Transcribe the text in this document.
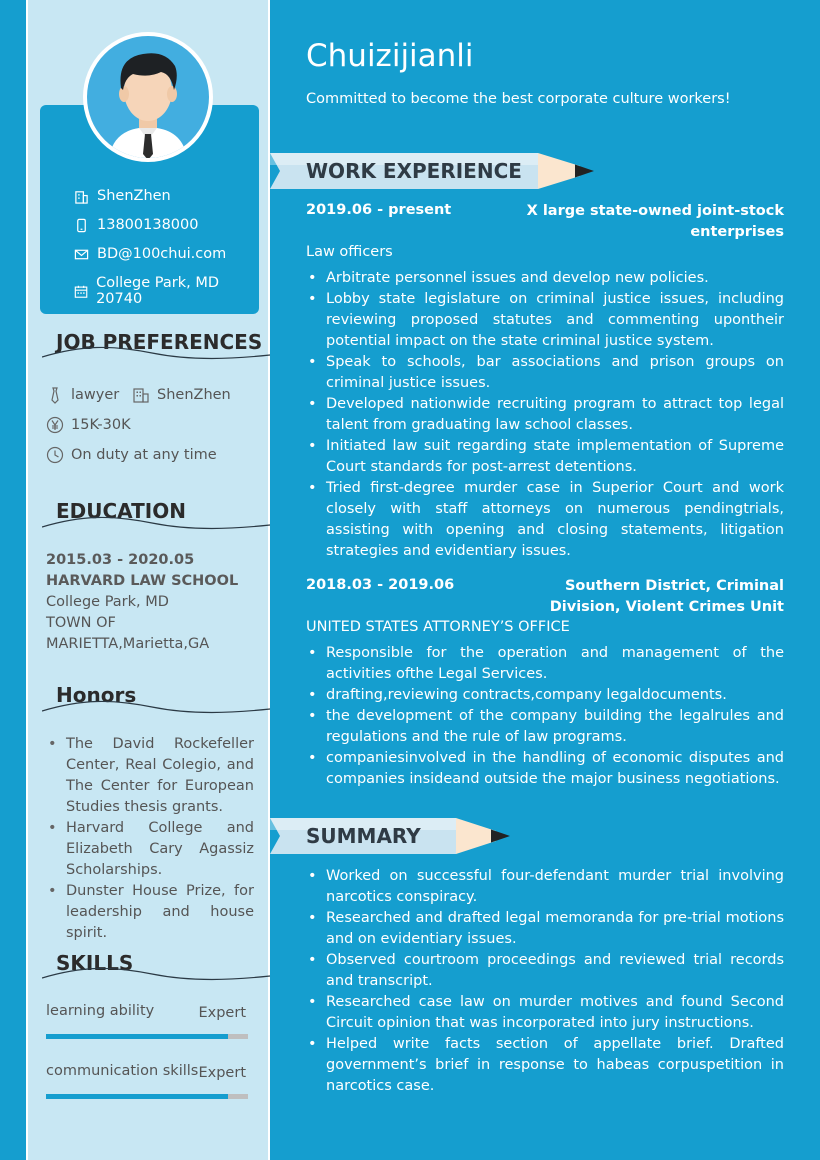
ShenZhen
13800138000
BD@100chui.com
College Park, MD 20740
JOB PREFERENCES
lawyer	ShenZhen
15K-30K
On duty at any time
EDUCATION
2015.03 - 2020.05
HARVARD LAW SCHOOL
College Park, MD
TOWN OF
MARIETTA,Marietta,GA
Honors
• The David Rockefeller Center, Real Colegio, and The Center for European Studies thesis grants.
• Harvard College and Elizabeth Cary Agassiz Scholarships.
• Dunster House Prize, for leadership and house spirit.
SKILLS
learning ability	Expert
communication skills Expert
Chuizijianli
Committed to become the best corporate culture workers!
WORK EXPERIENCE
2019.06 - present	X large state-owned joint-stock enterprises
Law officers
• Arbitrate personnel issues and develop new policies.
• Lobby state legislature on criminal justice issues, including reviewing proposed statutes and commenting upontheir potential impact on the state criminal justice system.
• Speak to schools, bar associations and prison groups on criminal justice issues.
• Developed nationwide recruiting program to attract top legal talent from graduating law school classes.
• Initiated law suit regarding state implementation of Supreme Court standards for post-arrest detentions.
• Tried first-degree murder case in Superior Court and work closely with staff attorneys on numerous pendingtrials, assisting with opening and closing statements, litigation strategies and evidentiary issues.
2018.03 - 2019.06	Southern District, Criminal Division, Violent Crimes Unit
UNITED STATES ATTORNEY’S OFFICE
• Responsible for the operation and management of the activities ofthe Legal Services.
• drafting,reviewing contracts,company legaldocuments.
• the development of the company building the legalrules and regulations and the rule of law programs.
• companiesinvolved in the handling of economic disputes and companies insideand outside the major business negotiations.
SUMMARY
• Worked on successful four-defendant murder trial involving narcotics conspiracy.
• Researched and drafted legal memoranda for pre-trial motions and on evidentiary issues.
• Observed courtroom proceedings and reviewed trial records and transcript.
• Researched case law on murder motives and found Second Circuit opinion that was incorporated into jury instructions.
• Helped write facts section of appellate brief. Drafted government’s brief in response to habeas corpuspetition in narcotics case.
